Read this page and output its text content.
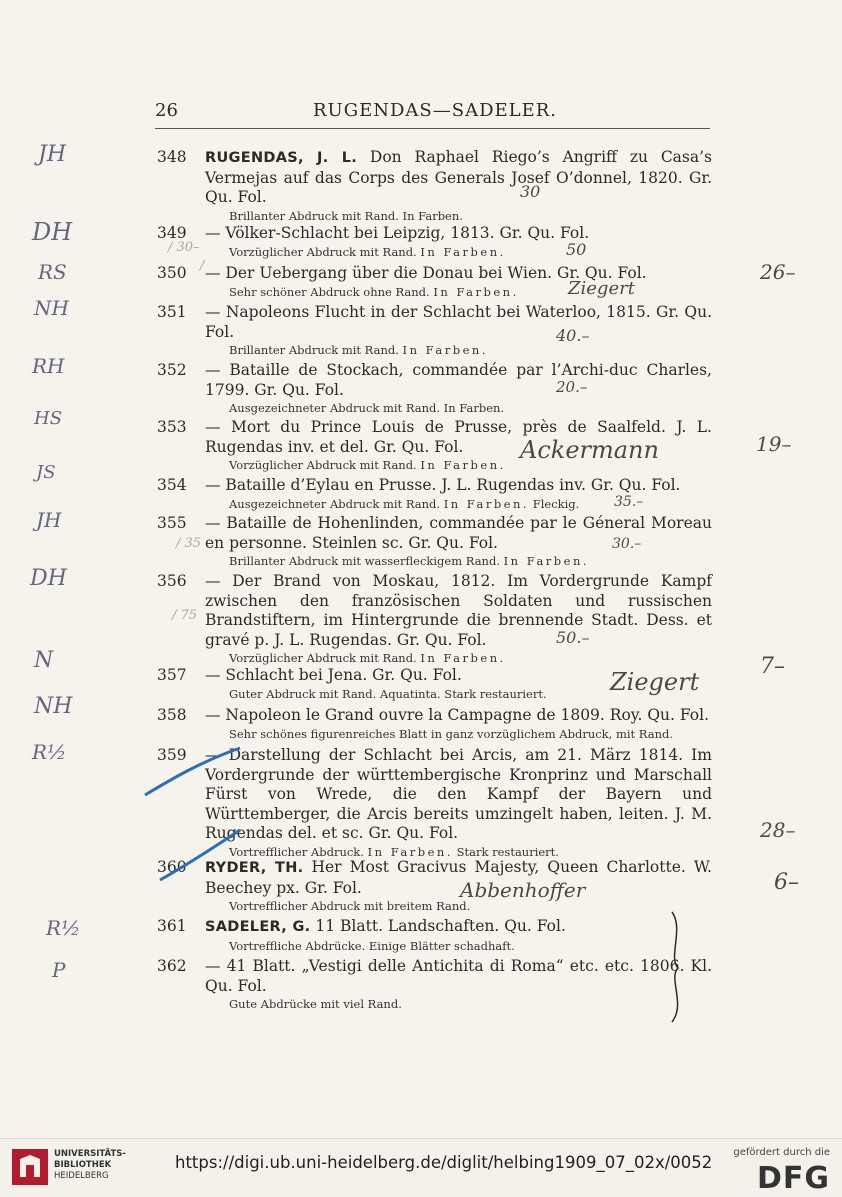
26	RUGENDAS—SADELER.
348	RUGENDAS, J. L. Don Raphael Riego’s Angriff zu Casa’s Vermejas auf das Corps des Generals Josef O’donnel, 1820. Gr. Qu. Fol.

Brillanter Abdruck mit Rand. In Farben.

349	— Völker-Schlacht bei Leipzig, 1813. Gr. Qu. Fol.

Vorzüglicher Abdruck mit Rand. In Farben.

350	— Der Uebergang über die Donau bei Wien. Gr. Qu. Fol.

Sehr schöner Abdruck ohne Rand. In Farben.

351	— Napoleons Flucht in der Schlacht bei Waterloo, 1815. Gr. Qu. Fol.

Brillanter Abdruck mit Rand. In Farben.

352	— Bataille de Stockach, commandée par l’Archi-duc Charles, 1799. Gr. Qu. Fol.

Ausgezeichneter Abdruck mit Rand. In Farben.

353	— Mort du Prince Louis de Prusse, près de Saalfeld. J. L. Rugendas inv. et del. Gr. Qu. Fol.

Vorzüglicher Abdruck mit Rand. In Farben.

354	— Bataille d’Eylau en Prusse. J. L. Rugendas inv. Gr. Qu. Fol.

Ausgezeichneter Abdruck mit Rand. In Farben. Fleckig.

355	— Bataille de Hohenlinden, commandée par le Géneral Moreau en personne. Steinlen sc. Gr. Qu. Fol.

Brillanter Abdruck mit wasserfleckigem Rand. In Farben.

356	— Der Brand von Moskau, 1812. Im Vordergrunde Kampf zwischen den französischen Soldaten und russischen Brandstiftern, im Hintergrunde die brennende Stadt. Dess. et gravé p. J. L. Rugendas. Gr. Qu. Fol.

Vorzüglicher Abdruck mit Rand. In Farben.

357	— Schlacht bei Jena. Gr. Qu. Fol.

Guter Abdruck mit Rand. Aquatinta. Stark restauriert.

358	— Napoleon le Grand ouvre la Campagne de 1809. Roy. Qu. Fol.

Sehr schönes figurenreiches Blatt in ganz vorzüglichem Abdruck, mit Rand.

359	— Darstellung der Schlacht bei Arcis, am 21. März 1814. Im Vordergrunde der württembergische Kronprinz und Marschall Fürst von Wrede, die den Kampf der Bayern und Württemberger, die Arcis bereits umzingelt haben, leiten. J. M. Rugendas del. et sc. Gr. Qu. Fol.

Vortrefflicher Abdruck. In Farben. Stark restauriert.

360	RYDER, TH. Her Most Gracivus Majesty, Queen Charlotte. W. Beechey px. Gr. Fol.

Vortrefflicher Abdruck mit breitem Rand.

361	SADELER, G. 11 Blatt. Landschaften. Qu. Fol.

Vortreffliche Abdrücke. Einige Blätter schadhaft.

362	— 41 Blatt. „Vestigi delle Antichita di Roma“ etc. etc. 1806. Kl. Qu. Fol.

Gute Abdrücke mit viel Rand.

JH
DH
RS
NH
RH
HS
JS
JH
DH
N
NH
R½
R½
P
/ 30–
/
/ 35
/ 75
30
50
40.–
20.–
35.–
30.–
50.–
Ziegert
Ackermann
Ziegert
Abbenhoffer
26–
19–
7–
28–
6–
UNIVERSITÄTS-
BIBLIOTHEK
HEIDELBERG
https://digi.ub.uni-heidelberg.de/diglit/helbing1909_07_02x/0052
gefördert durch die
DFG
